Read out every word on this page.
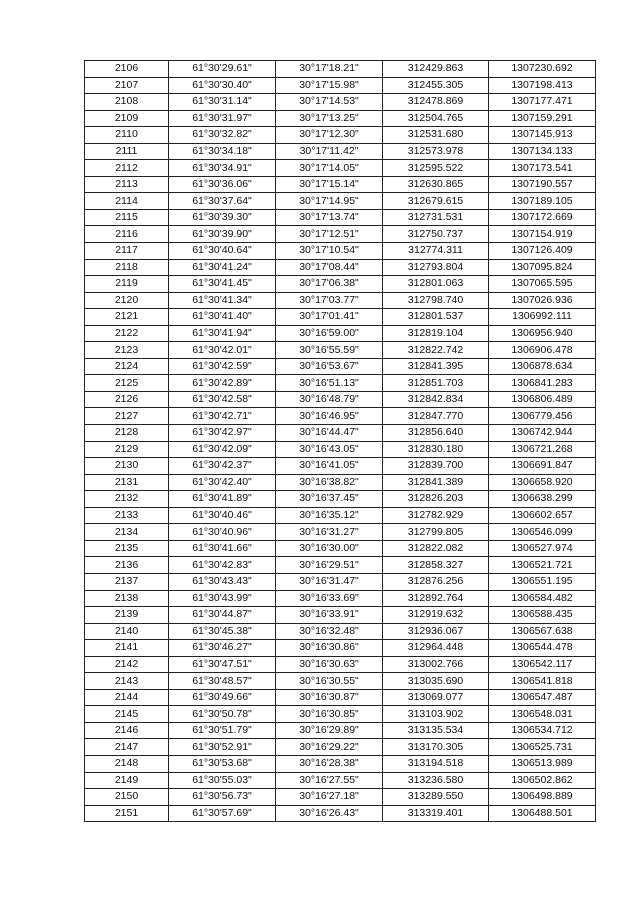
2106	61°30'29.61"	30°17'18.21"	312429.863	1307230.692
2107	61°30'30.40"	30°17'15.98"	312455.305	1307198.413
2108	61°30'31.14"	30°17'14.53"	312478.869	1307177.471
2109	61°30'31.97"	30°17'13.25"	312504.765	1307159.291
2110	61°30'32.82"	30°17'12.30"	312531.680	1307145.913
2111	61°30'34.18"	30°17'11.42"	312573.978	1307134.133
2112	61°30'34.91"	30°17'14.05"	312595.522	1307173.541
2113	61°30'36.06"	30°17'15.14"	312630.865	1307190.557
2114	61°30'37.64"	30°17'14.95"	312679.615	1307189.105
2115	61°30'39.30"	30°17'13.74"	312731.531	1307172.669
2116	61°30'39.90"	30°17'12.51"	312750.737	1307154.919
2117	61°30'40.64"	30°17'10.54"	312774.311	1307126.409
2118	61°30'41.24"	30°17'08.44"	312793.804	1307095.824
2119	61°30'41.45"	30°17'06.38"	312801.063	1307065.595
2120	61°30'41.34"	30°17'03.77"	312798.740	1307026.936
2121	61°30'41.40"	30°17'01.41"	312801.537	1306992.111
2122	61°30'41.94"	30°16'59.00"	312819.104	1306956.940
2123	61°30'42.01"	30°16'55.59"	312822.742	1306906.478
2124	61°30'42.59"	30°16'53.67"	312841.395	1306878.634
2125	61°30'42.89"	30°16'51.13"	312851.703	1306841.283
2126	61°30'42.58"	30°16'48.79"	312842.834	1306806.489
2127	61°30'42.71"	30°16'46.95"	312847.770	1306779.456
2128	61°30'42.97"	30°16'44.47"	312856.640	1306742.944
2129	61°30'42.09"	30°16'43.05"	312830.180	1306721.268
2130	61°30'42.37"	30°16'41.05"	312839.700	1306691.847
2131	61°30'42.40"	30°16'38.82"	312841.389	1306658.920
2132	61°30'41.89"	30°16'37.45"	312826.203	1306638.299
2133	61°30'40.46"	30°16'35.12"	312782.929	1306602.657
2134	61°30'40.96"	30°16'31.27"	312799.805	1306546.099
2135	61°30'41.66"	30°16'30.00"	312822.082	1306527.974
2136	61°30'42.83"	30°16'29.51"	312858.327	1306521.721
2137	61°30'43.43"	30°16'31.47"	312876.256	1306551.195
2138	61°30'43.99"	30°16'33.69"	312892.764	1306584.482
2139	61°30'44.87"	30°16'33.91"	312919.632	1306588.435
2140	61°30'45.38"	30°16'32.48"	312936.067	1306567.638
2141	61°30'46.27"	30°16'30.86"	312964.448	1306544.478
2142	61°30'47.51"	30°16'30.63"	313002.766	1306542.117
2143	61°30'48.57"	30°16'30.55"	313035.690	1306541.818
2144	61°30'49.66"	30°16'30.87"	313069.077	1306547.487
2145	61°30'50.78"	30°16'30.85"	313103.902	1306548.031
2146	61°30'51.79"	30°16'29.89"	313135.534	1306534.712
2147	61°30'52.91"	30°16'29.22"	313170.305	1306525.731
2148	61°30'53.68"	30°16'28.38"	313194.518	1306513.989
2149	61°30'55.03"	30°16'27.55"	313236.580	1306502.862
2150	61°30'56.73"	30°16'27.18"	313289.550	1306498.889
2151	61°30'57.69"	30°16'26.43"	313319.401	1306488.501
